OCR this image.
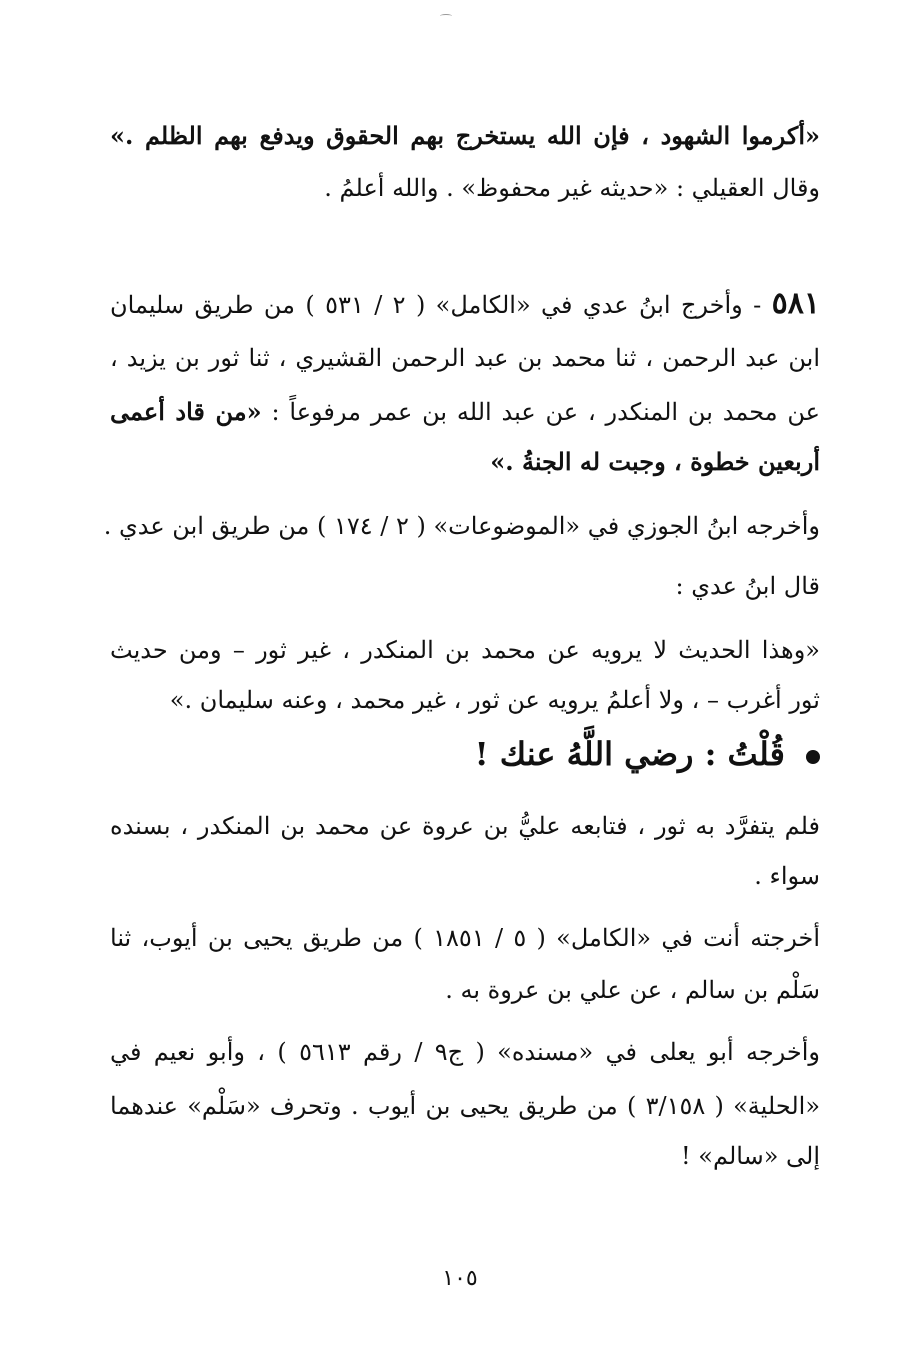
«أكرموا الشهود ، فإن الله يستخرج بهم الحقوق ويدفع بهم الظلم .»
وقال العقيلي : «حديثه غير محفوظ» . والله أعلمُ .
٥٨١ - وأخرج ابنُ عدي في «الكامل» ( ٢ / ٥٣١ ) من طريق سليمان
ابن عبد الرحمن ، ثنا محمد بن عبد الرحمن القشيري ، ثنا ثور بن يزيد ،
عن محمد بن المنكدر ، عن عبد الله بن عمر مرفوعاً : «من قاد أعمى
أربعين خطوة ، وجبت له الجنةُ .»
وأخرجه ابنُ الجوزي في «الموضوعات» ( ٢ / ١٧٤ ) من طريق ابن عدي .
قال ابنُ عدي :
«وهذا الحديث لا يرويه عن محمد بن المنكدر ، غير ثور – ومن حديث
ثور أغرب – ، ولا أعلمُ يرويه عن ثور ، غير محمد ، وعنه سليمان .»
قُلْتُ : رضي اللَّهُ عنك !
فلم يتفرَّد به ثور ، فتابعه عليُّ بن عروة عن محمد بن المنكدر ، بسنده
سواء .
أخرجته أنت في «الكامل» ( ٥ / ١٨٥١ ) من طريق يحيى بن أيوب، ثنا
سَلْم بن سالم ، عن علي بن عروة به .
وأخرجه أبو يعلى في «مسنده» ( ج٩ / رقم ٥٦١٣ ) ، وأبو نعيم في
«الحلية» ( ٣/١٥٨ ) من طريق يحيى بن أيوب . وتحرف «سَلْم» عندهما
إلى «سالم» !
١٠٥
